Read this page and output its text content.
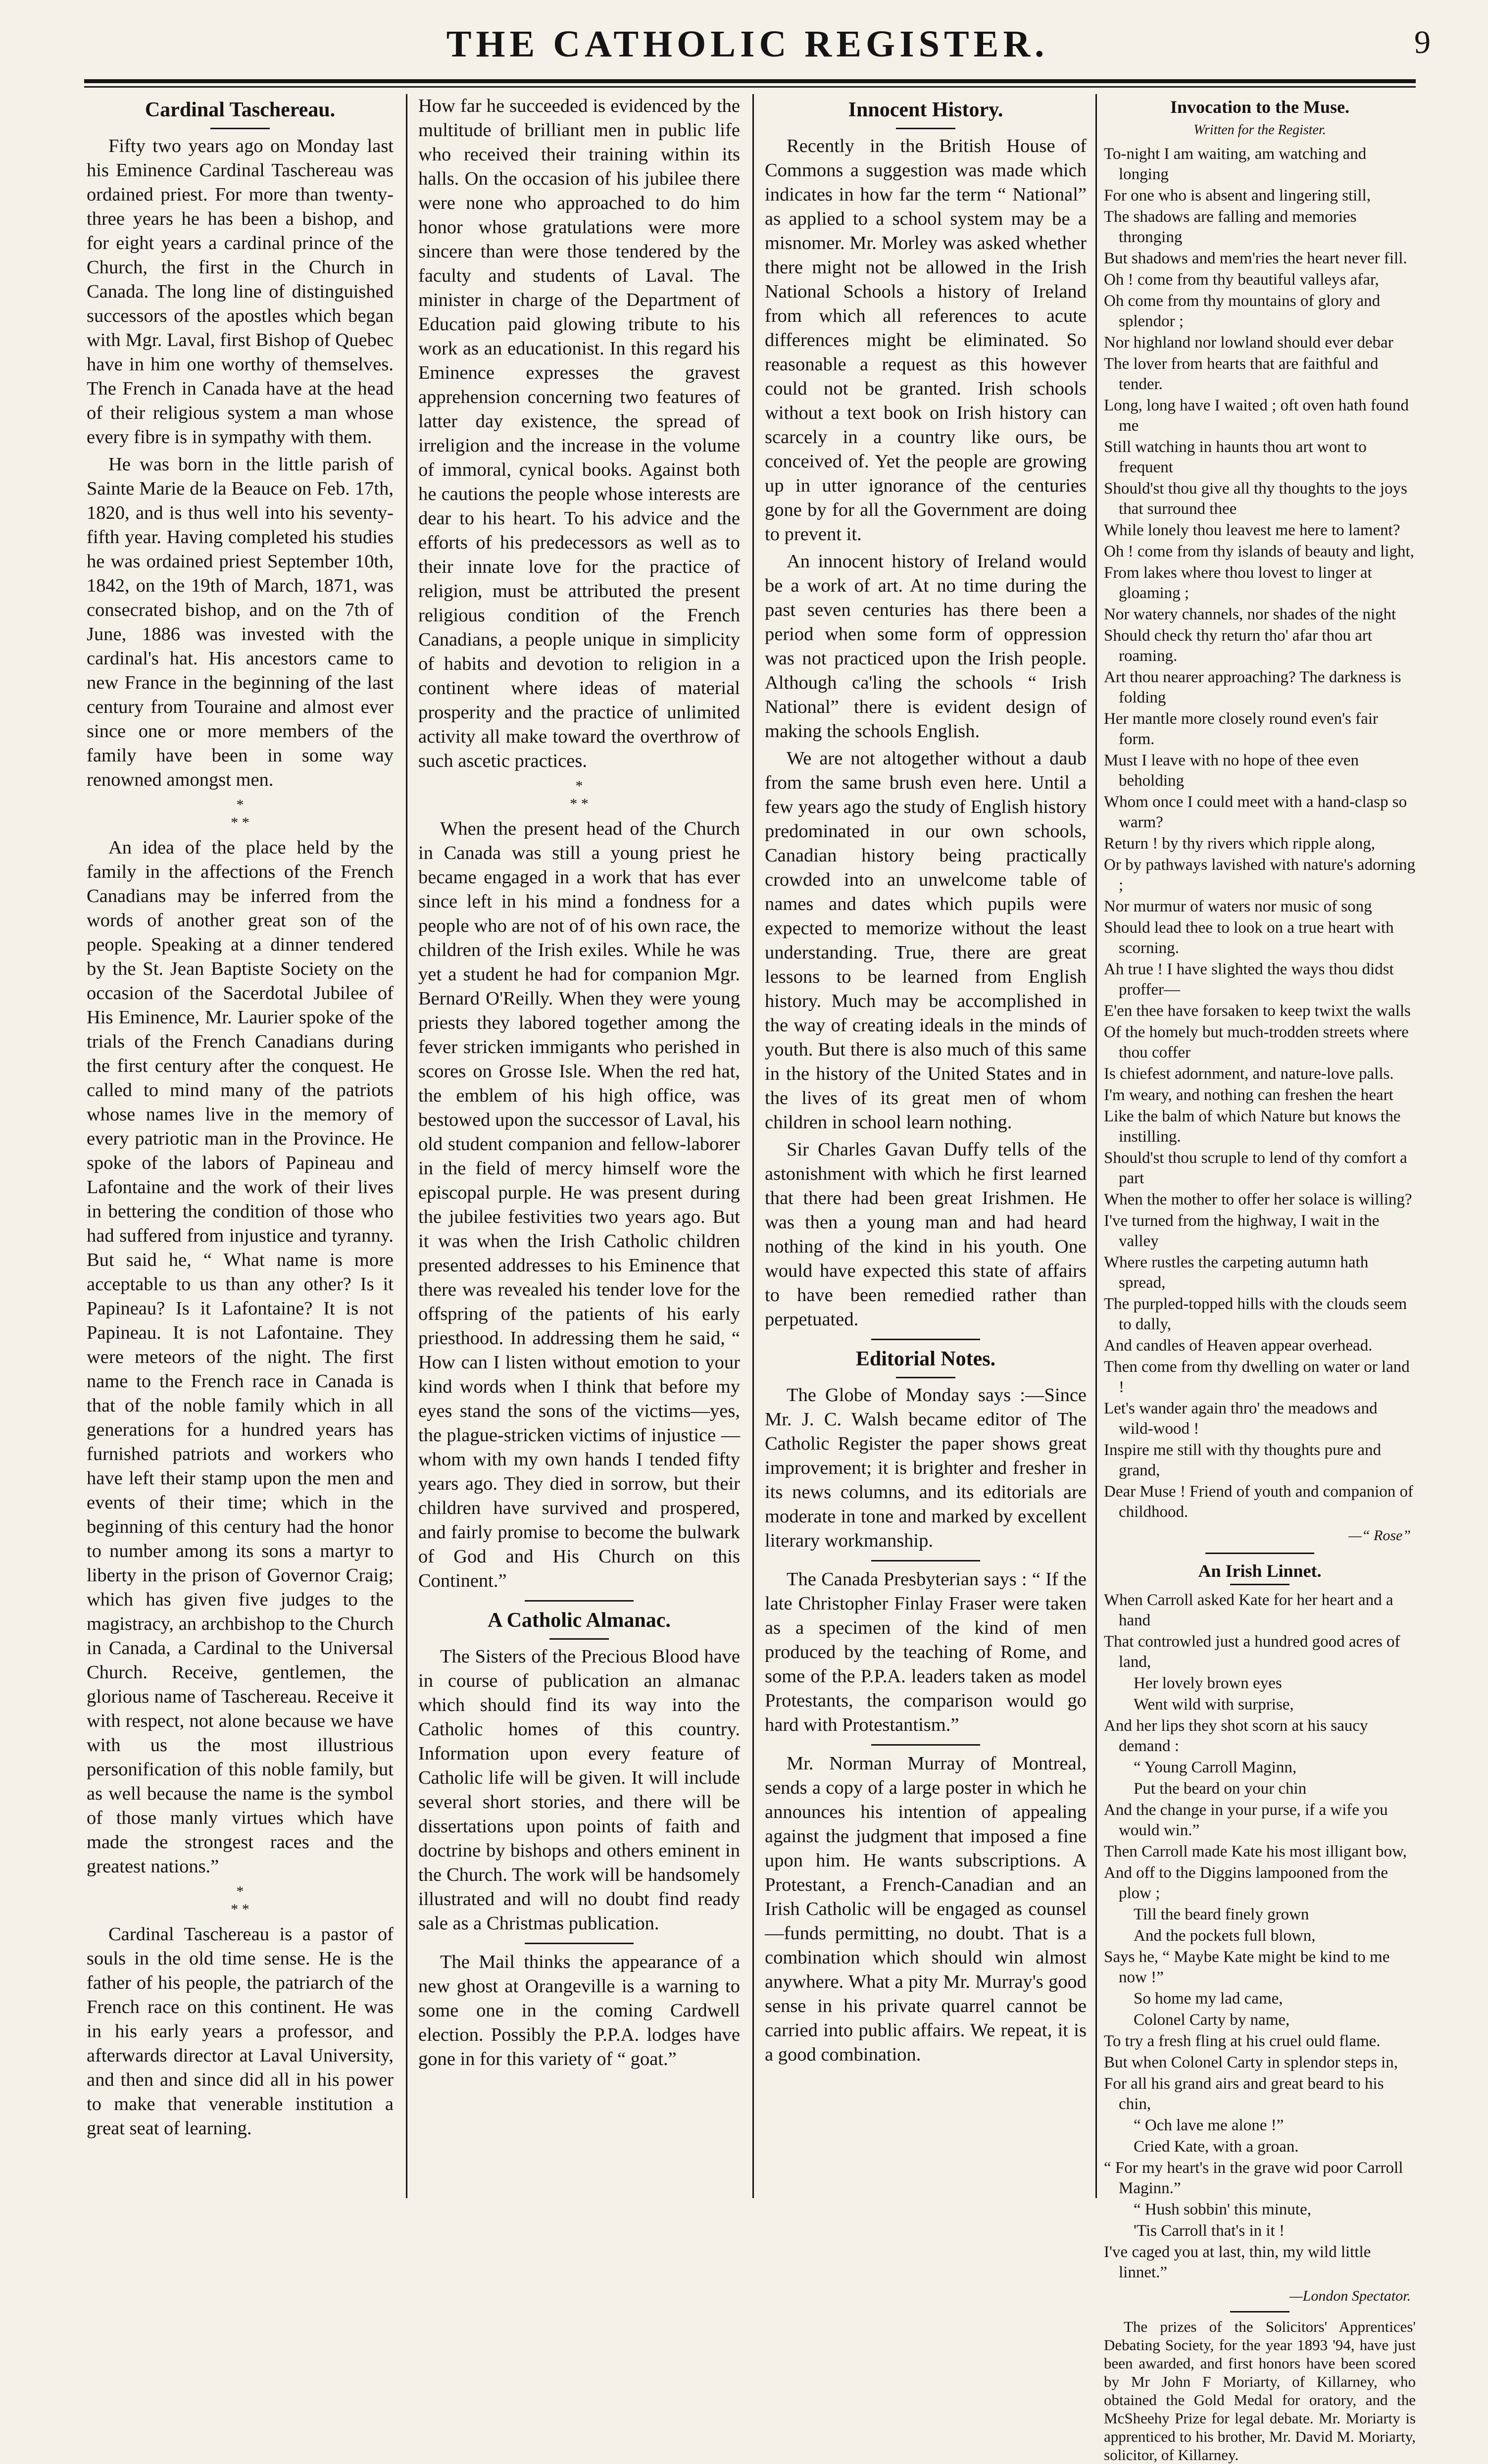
THE CATHOLIC REGISTER.	9
Cardinal Taschereau.

Fifty two years ago on Monday last his Eminence Cardinal Taschereau was ordained priest. For more than twenty-three years he has been a bishop, and for eight years a cardinal prince of the Church, the first in the Church in Canada. The long line of distinguished successors of the apostles which began with Mgr. Laval, first Bishop of Quebec have in him one worthy of themselves. The French in Canada have at the head of their religious system a man whose every fibre is in sympathy with them.

He was born in the little parish of Sainte Marie de la Beauce on Feb. 17th, 1820, and is thus well into his seventy-fifth year. Having completed his studies he was ordained priest September 10th, 1842, on the 19th of March, 1871, was consecrated bishop, and on the 7th of June, 1886 was invested with the cardinal's hat. His ancestors came to new France in the beginning of the last century from Touraine and almost ever since one or more members of the family have been in some way renowned amongst men.

*
* *

An idea of the place held by the family in the affections of the French Canadians may be inferred from the words of another great son of the people. Speaking at a dinner tendered by the St. Jean Baptiste Society on the occasion of the Sacerdotal Jubilee of His Eminence, Mr. Laurier spoke of the trials of the French Canadians during the first century after the conquest. He called to mind many of the patriots whose names live in the memory of every patriotic man in the Province. He spoke of the labors of Papineau and Lafontaine and the work of their lives in bettering the condition of those who had suffered from injustice and tyranny. But said he, “ What name is more acceptable to us than any other? Is it Papineau? Is it Lafontaine? It is not Papineau. It is not Lafontaine. They were meteors of the night. The first name to the French race in Canada is that of the noble family which in all generations for a hundred years has furnished patriots and workers who have left their stamp upon the men and events of their time; which in the beginning of this century had the honor to number among its sons a martyr to liberty in the prison of Governor Craig; which has given five judges to the magistracy, an archbishop to the Church in Canada, a Cardinal to the Universal Church. Receive, gentlemen, the glorious name of Taschereau. Receive it with respect, not alone because we have with us the most illustrious personification of this noble family, but as well because the name is the symbol of those manly virtues which have made the strongest races and the greatest nations.”

*
* *

Cardinal Taschereau is a pastor of souls in the old time sense. He is the father of his people, the patriarch of the French race on this continent. He was in his early years a professor, and afterwards director at Laval University, and then and since did all in his power to make that venerable institution a great seat of learning.

How far he succeeded is evidenced by the multitude of brilliant men in public life who received their training within its halls. On the occasion of his jubilee there were none who approached to do him honor whose gratulations were more sincere than were those tendered by the faculty and students of Laval. The minister in charge of the Department of Education paid glowing tribute to his work as an educationist. In this regard his Eminence expresses the gravest apprehension concerning two features of latter day existence, the spread of irreligion and the increase in the volume of immoral, cynical books. Against both he cautions the people whose interests are dear to his heart. To his advice and the efforts of his predecessors as well as to their innate love for the practice of religion, must be attributed the present religious condition of the French Canadians, a people unique in simplicity of habits and devotion to religion in a continent where ideas of material prosperity and the practice of unlimited activity all make toward the overthrow of such ascetic practices.

*
* *

When the present head of the Church in Canada was still a young priest he became engaged in a work that has ever since left in his mind a fondness for a people who are not of of his own race, the children of the Irish exiles. While he was yet a student he had for companion Mgr. Bernard O'Reilly. When they were young priests they labored together among the fever stricken immigants who perished in scores on Grosse Isle. When the red hat, the emblem of his high office, was bestowed upon the successor of Laval, his old student companion and fellow-laborer in the field of mercy himself wore the episcopal purple. He was present during the jubilee festivities two years ago. But it was when the Irish Catholic children presented addresses to his Eminence that there was revealed his tender love for the offspring of the patients of his early priesthood. In addressing them he said, “ How can I listen without emotion to your kind words when I think that before my eyes stand the sons of the victims—yes, the plague-stricken victims of injustice —whom with my own hands I tended fifty years ago. They died in sorrow, but their children have survived and prospered, and fairly promise to become the bulwark of God and His Church on this Continent.”

A Catholic Almanac.

The Sisters of the Precious Blood have in course of publication an almanac which should find its way into the Catholic homes of this country. Information upon every feature of Catholic life will be given. It will include several short stories, and there will be dissertations upon points of faith and doctrine by bishops and others eminent in the Church. The work will be handsomely illustrated and will no doubt find ready sale as a Christmas publication.

The Mail thinks the appearance of a new ghost at Orangeville is a warning to some one in the coming Cardwell election. Possibly the P.P.A. lodges have gone in for this variety of “ goat.”

Innocent History.

Recently in the British House of Commons a suggestion was made which indicates in how far the term “ National” as applied to a school system may be a misnomer. Mr. Morley was asked whether there might not be allowed in the Irish National Schools a history of Ireland from which all references to acute differences might be eliminated. So reasonable a request as this however could not be granted. Irish schools without a text book on Irish history can scarcely in a country like ours, be conceived of. Yet the people are growing up in utter ignorance of the centuries gone by for all the Government are doing to prevent it.

An innocent history of Ireland would be a work of art. At no time during the past seven centuries has there been a period when some form of oppression was not practiced upon the Irish people. Although ca'ling the schools “ Irish National” there is evident design of making the schools English.

We are not altogether without a daub from the same brush even here. Until a few years ago the study of English history predominated in our own schools, Canadian history being practically crowded into an unwelcome table of names and dates which pupils were expected to memorize without the least understanding. True, there are great lessons to be learned from English history. Much may be accomplished in the way of creating ideals in the minds of youth. But there is also much of this same in the history of the United States and in the lives of its great men of whom children in school learn nothing.

Sir Charles Gavan Duffy tells of the astonishment with which he first learned that there had been great Irishmen. He was then a young man and had heard nothing of the kind in his youth. One would have expected this state of affairs to have been remedied rather than perpetuated.

Editorial Notes.

The Globe of Monday says :—Since Mr. J. C. Walsh became editor of The Catholic Register the paper shows great improvement; it is brighter and fresher in its news columns, and its editorials are moderate in tone and marked by excellent literary workmanship.

The Canada Presbyterian says : “ If the late Christopher Finlay Fraser were taken as a specimen of the kind of men produced by the teaching of Rome, and some of the P.P.A. leaders taken as model Protestants, the comparison would go hard with Protestantism.”

Mr. Norman Murray of Montreal, sends a copy of a large poster in which he announces his intention of appealing against the judgment that imposed a fine upon him. He wants subscriptions. A Protestant, a French-Canadian and an Irish Catholic will be engaged as counsel—funds permitting, no doubt. That is a combination which should win almost anywhere. What a pity Mr. Murray's good sense in his private quarrel cannot be carried into public affairs. We repeat, it is a good combination.

Invocation to the Muse.
Written for the Register.
To-night I am waiting, am watching and longing
For one who is absent and lingering still,
The shadows are falling and memories thronging
But shadows and mem'ries the heart never fill.
Oh ! come from thy beautiful valleys afar,
Oh come from thy mountains of glory and splendor ;
Nor highland nor lowland should ever debar
The lover from hearts that are faithful and tender.
Long, long have I waited ; oft oven hath found me
Still watching in haunts thou art wont to frequent
Should'st thou give all thy thoughts to the joys that surround thee
While lonely thou leavest me here to lament?
Oh ! come from thy islands of beauty and light,
From lakes where thou lovest to linger at gloaming ;
Nor watery channels, nor shades of the night
Should check thy return tho' afar thou art roaming.
Art thou nearer approaching? The darkness is folding
Her mantle more closely round even's fair form.
Must I leave with no hope of thee even beholding
Whom once I could meet with a hand-clasp so warm?
Return ! by thy rivers which ripple along,
Or by pathways lavished with nature's adorning ;
Nor murmur of waters nor music of song
Should lead thee to look on a true heart with scorning.
Ah true ! I have slighted the ways thou didst proffer—
E'en thee have forsaken to keep twixt the walls
Of the homely but much-trodden streets where thou coffer
Is chiefest adornment, and nature-love palls.
I'm weary, and nothing can freshen the heart
Like the balm of which Nature but knows the instilling.
Should'st thou scruple to lend of thy comfort a part
When the mother to offer her solace is willing?
I've turned from the highway, I wait in the valley
Where rustles the carpeting autumn hath spread,
The purpled-topped hills with the clouds seem to dally,
And candles of Heaven appear overhead.
Then come from thy dwelling on water or land !
Let's wander again thro' the meadows and wild-wood !
Inspire me still with thy thoughts pure and grand,
Dear Muse ! Friend of youth and companion of childhood.
—“ Rose”
An Irish Linnet.
When Carroll asked Kate for her heart and a hand
That controwled just a hundred good acres of land,
Her lovely brown eyes
Went wild with surprise,
And her lips they shot scorn at his saucy demand :
“ Young Carroll Maginn,
Put the beard on your chin
And the change in your purse, if a wife you would win.”
Then Carroll made Kate his most illigant bow,
And off to the Diggins lampooned from the plow ;
Till the beard finely grown
And the pockets full blown,
Says he, “ Maybe Kate might be kind to me now !”
So home my lad came,
Colonel Carty by name,
To try a fresh fling at his cruel ould flame.
But when Colonel Carty in splendor steps in,
For all his grand airs and great beard to his chin,
“ Och lave me alone !”
Cried Kate, with a groan.
“ For my heart's in the grave wid poor Carroll Maginn.”
“ Hush sobbin' this minute,
'Tis Carroll that's in it !
I've caged you at last, thin, my wild little linnet.”
—London Spectator.

The prizes of the Solicitors' Apprentices' Debating Society, for the year 1893 '94, have just been awarded, and first honors have been scored by Mr John F Moriarty, of Killarney, who obtained the Gold Medal for oratory, and the McSheehy Prize for legal debate. Mr. Moriarty is apprenticed to his brother, Mr. David M. Moriarty, solicitor, of Killarney.
